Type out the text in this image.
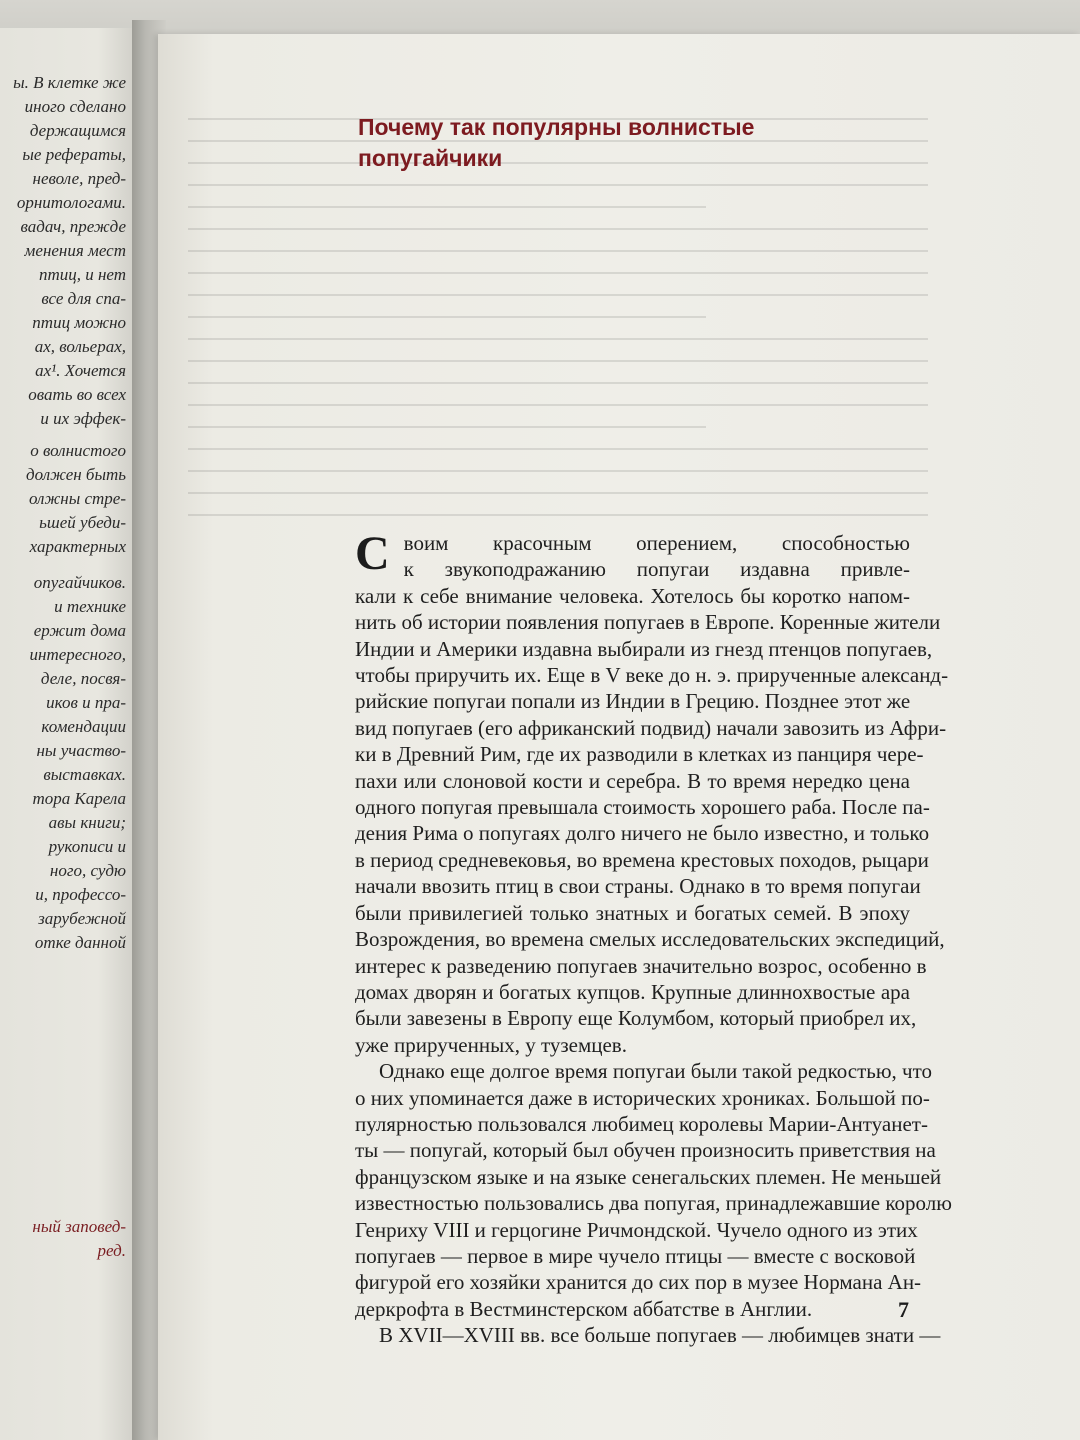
ы. В клетке же
иного сделано
держащимся
ые рефераты,
неволе, пред-
орнитологами.
вадач, прежде
менения мест
птиц, и нет
все для спа-
птиц можно
ах, вольерах,
ах¹. Хочется
овать во всех
и их эффек-
о волнистого
должен быть
олжны стре-
ьшей убеди-
характерных
опугайчиков.
и технике
ержит дома
интересного,
деле, посвя-
иков и пра-
комендации
ны участво-
выставках.
тора Карела
авы книги;
рукописи и
ного, судю
и, профессо-
зарубежной
отке данной
ный заповед-
ред.
Почему так популярны волнистые
попугайчики
С воим красочным оперением, способностью
к звукоподражанию попугаи издавна привле-
кали к себе внимание человека. Хотелось бы коротко напом-
нить об истории появления попугаев в Европе. Коренные жители
Индии и Америки издавна выбирали из гнезд птенцов попугаев,
чтобы приручить их. Еще в V веке до н. э. прирученные александ-
рийские попугаи попали из Индии в Грецию. Позднее этот же
вид попугаев (его африканский подвид) начали завозить из Афри-
ки в Древний Рим, где их разводили в клетках из панциря чере-
пахи или слоновой кости и серебра. В то время нередко цена
одного попугая превышала стоимость хорошего раба. После па-
дения Рима о попугаях долго ничего не было известно, и только
в период средневековья, во времена крестовых походов, рыцари
начали ввозить птиц в свои страны. Однако в то время попугаи
были привилегией только знатных и богатых семей. В эпоху
Возрождения, во времена смелых исследовательских экспедиций,
интерес к разведению попугаев значительно возрос, особенно в
домах дворян и богатых купцов. Крупные длиннохвостые ара
были завезены в Европу еще Колумбом, который приобрел их,
уже прирученных, у туземцев.
Однако еще долгое время попугаи были такой редкостью, что
о них упоминается даже в исторических хрониках. Большой по-
пулярностью пользовался любимец королевы Марии-Антуанет-
ты — попугай, который был обучен произносить приветствия на
французском языке и на языке сенегальских племен. Не меньшей
известностью пользовались два попугая, принадлежавшие королю
Генриху VIII и герцогине Ричмондской. Чучело одного из этих
попугаев — первое в мире чучело птицы — вместе с восковой
фигурой его хозяйки хранится до сих пор в музее Нормана Ан-
деркрофта в Вестминстерском аббатстве в Англии.
В XVII—XVIII вв. все больше попугаев — любимцев знати —
7
